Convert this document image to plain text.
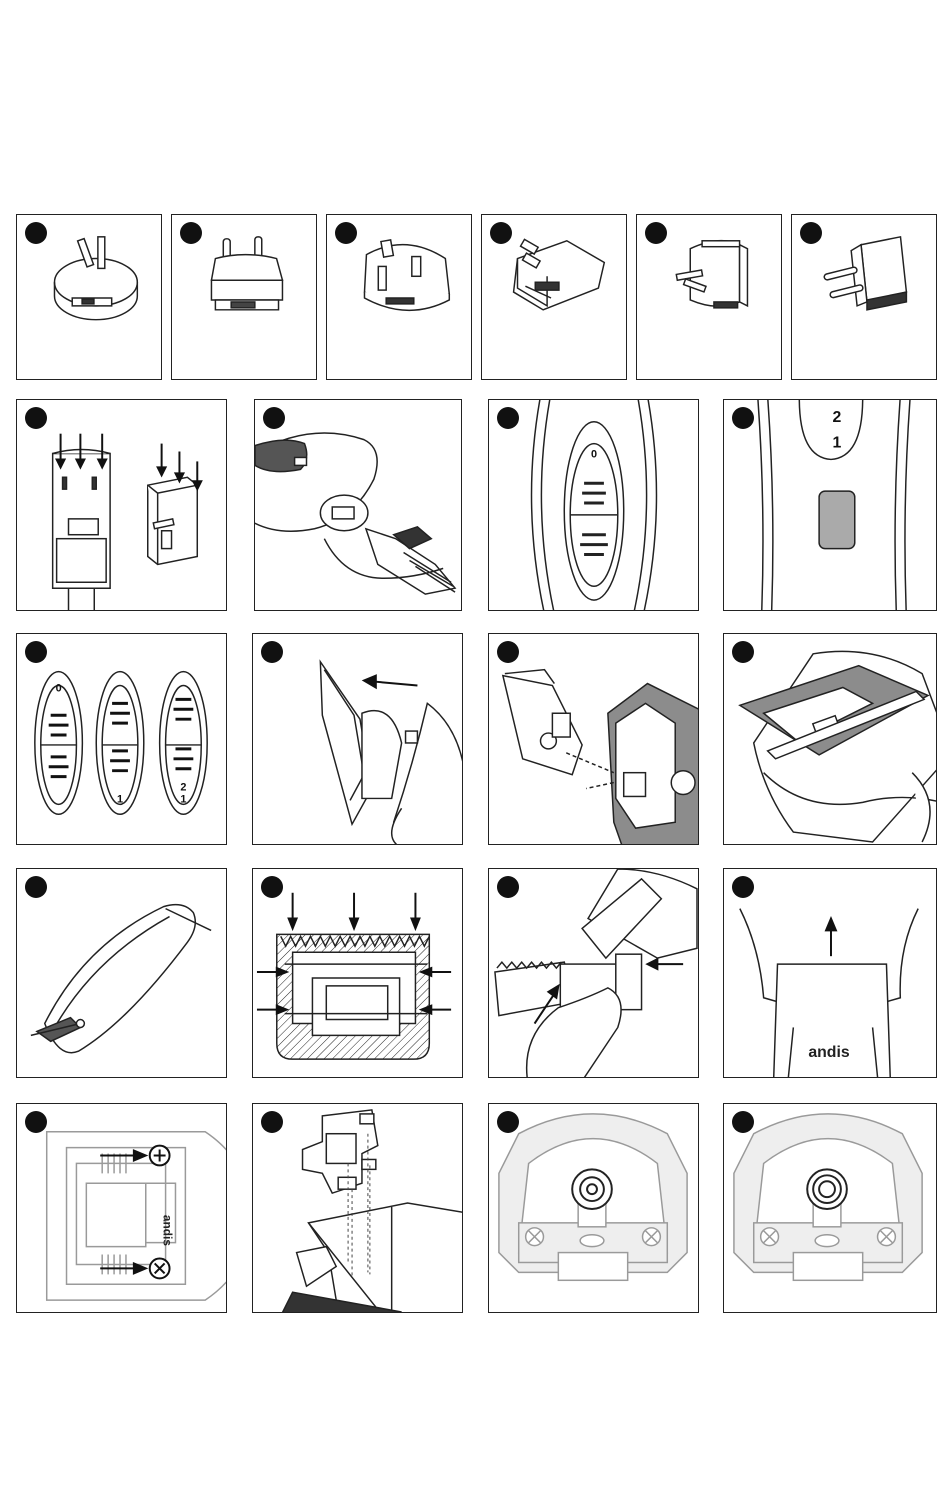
0
2
1
0
1
2
1
andis
andis
